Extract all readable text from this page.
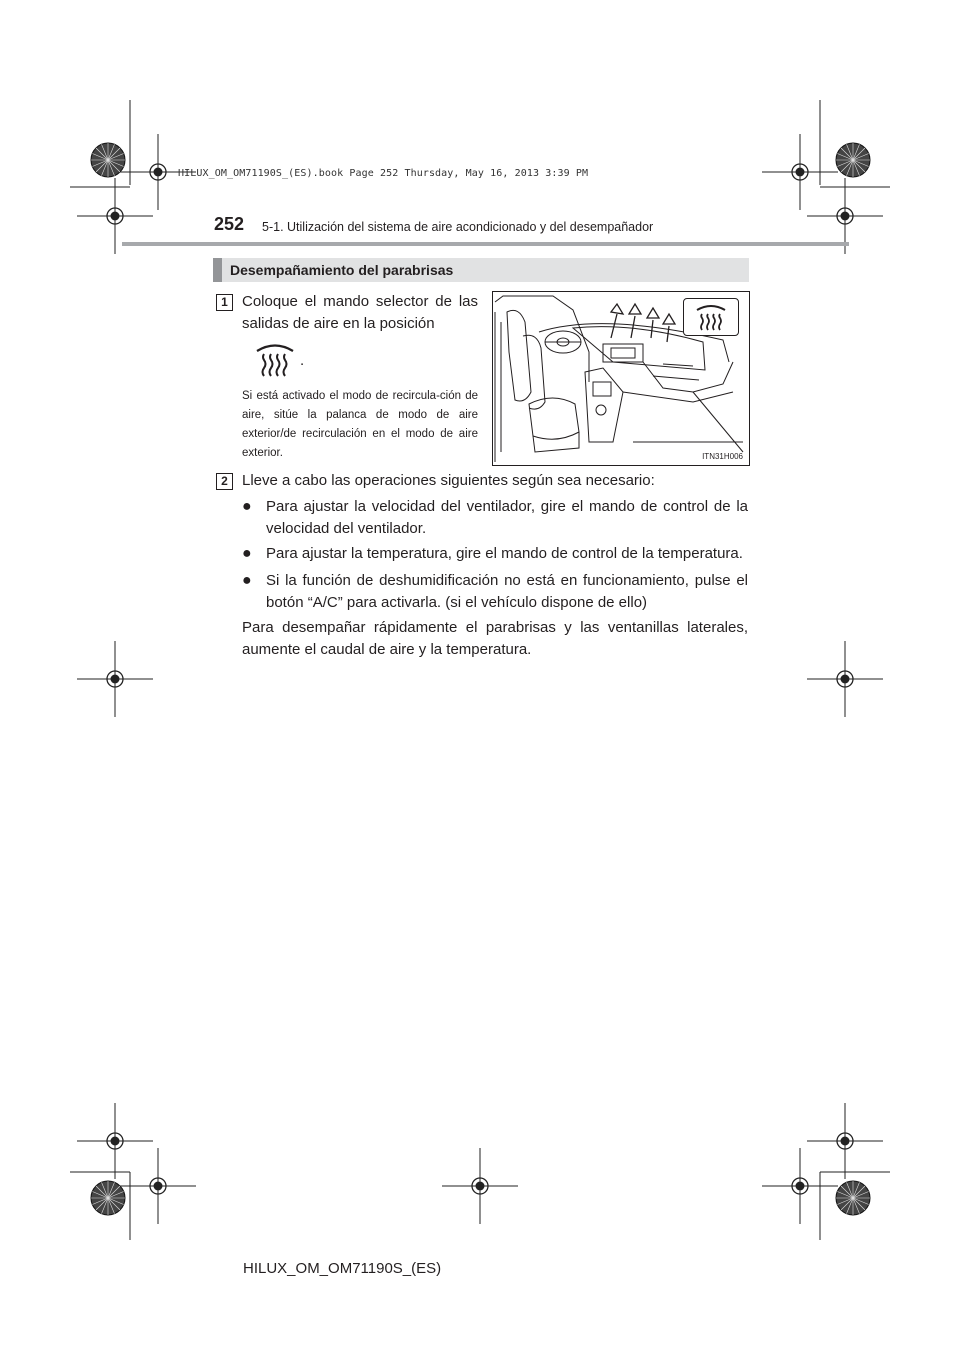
HILUX_OM_OM71190S_(ES).book Page 252 Thursday, May 16, 2013 3:39 PM
252 5-1. Utilización del sistema de aire acondicionado y del desempañador
Desempañamiento del parabrisas
1 Coloque el mando selector de las salidas de aire en la posición
.
Si está activado el modo de recircula-ción de aire, sitúe la palanca de modo de aire exterior/de recirculación en el modo de aire exterior.	ITN31H006
2 Lleve a cabo las operaciones siguientes según sea necesario:
● Para ajustar la velocidad del ventilador, gire el mando de control de la velocidad del ventilador.
● Para ajustar la temperatura, gire el mando de control de la temperatura.
● Si la función de deshumidificación no está en funcionamiento, pulse el botón “A/C” para activarla. (si el vehículo dispone de ello)
Para desempañar rápidamente el parabrisas y las ventanillas laterales, aumente el caudal de aire y la temperatura.
HILUX_OM_OM71190S_(ES)
